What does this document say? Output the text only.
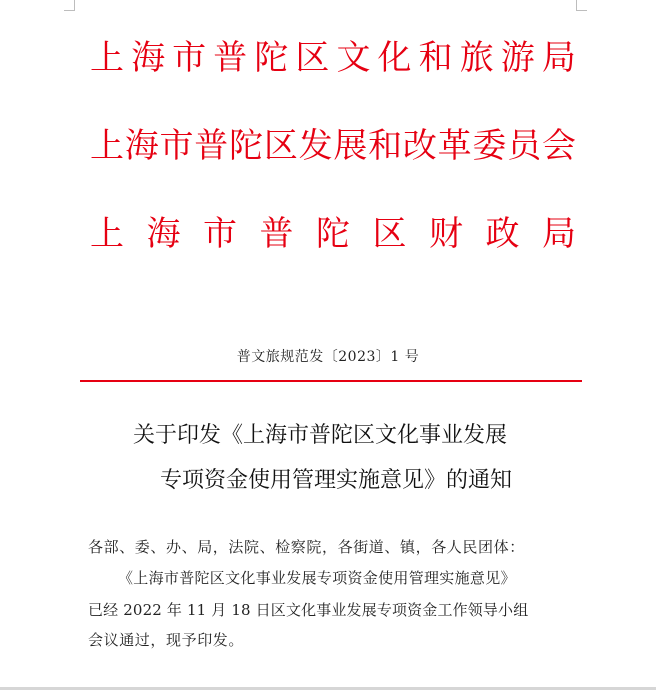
上 海 市 普 陀 区 文 化 和 旅 游 局
上 海 市 普 陀 区 发 展 和 改 革 委 员 会
上 海 市 普 陀 区 财 政 局
普文旅规范发〔2023〕1 号
关于印发《上海市普陀区文化事业发展
专项资金使用管理实施意见》的通知
各部、委、办、局，法院、检察院，各街道、镇，各人民团体：
《上海市普陀区文化事业发展专项资金使用管理实施意见》
已经 2022 年 11 月 18 日区文化事业发展专项资金工作领导小组
会议通过，现予印发。
